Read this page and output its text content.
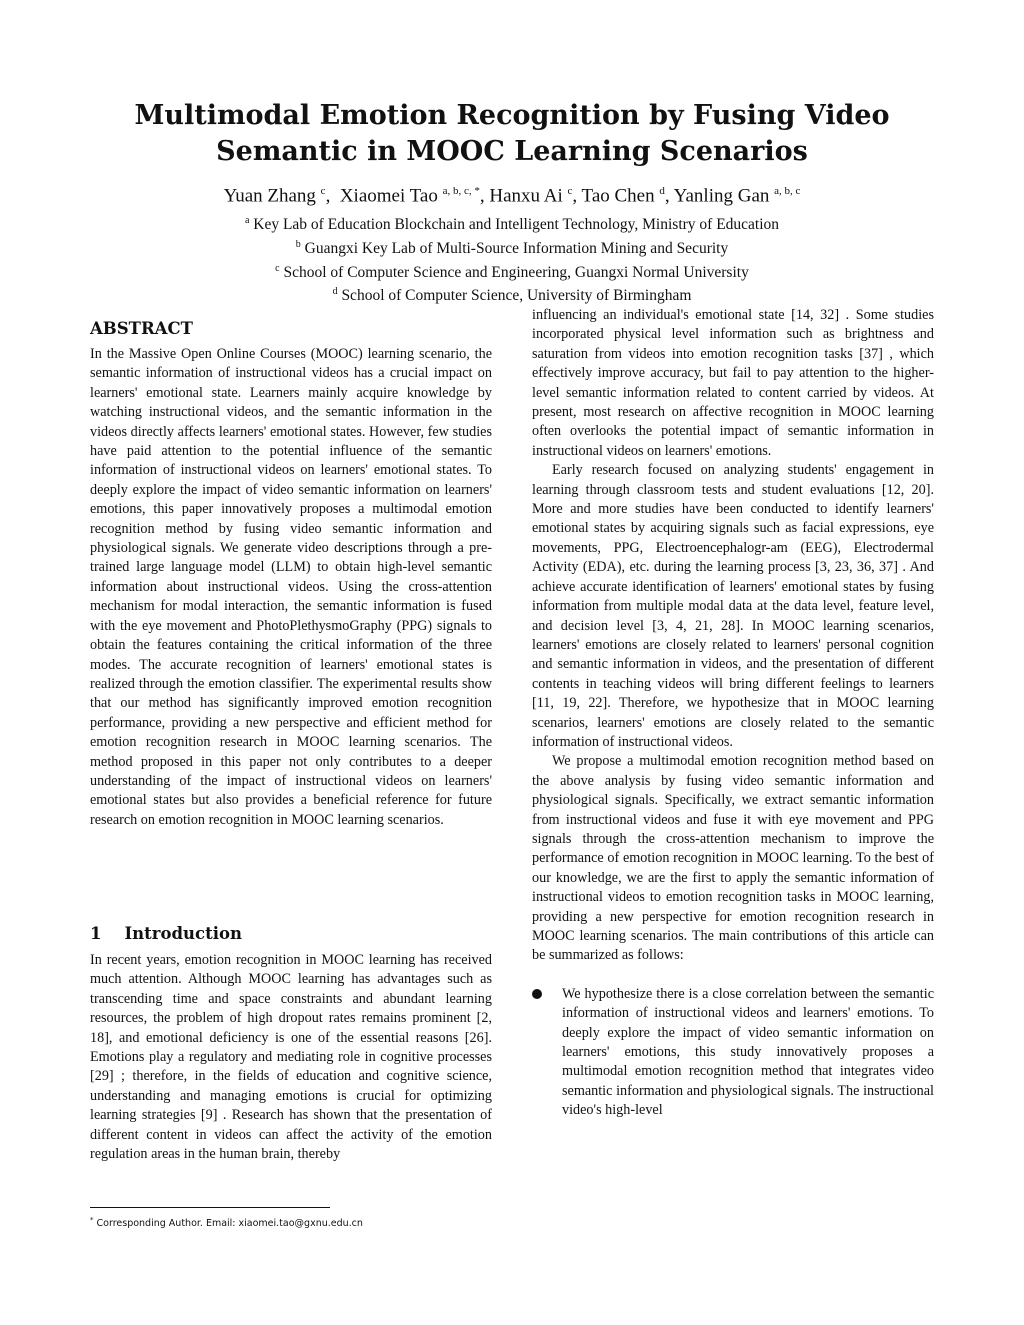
Multimodal Emotion Recognition by Fusing Video Semantic in MOOC Learning Scenarios
Yuan Zhang $^c$,  Xiaomei Tao $^{a, b, c, *}$, Hanxu Ai $^c$, Tao Chen $^d$, Yanling Gan $^{a, b, c}$
$^a$ Key Lab of Education Blockchain and Intelligent Technology, Ministry of Education
$^b$ Guangxi Key Lab of Multi-Source Information Mining and Security
$^c$ School of Computer Science and Engineering, Guangxi Normal University
$^d$ School of Computer Science, University of Birmingham
ABSTRACT

In the Massive Open Online Courses (MOOC) learning scenario, the semantic information of instructional videos has a crucial impact on learners' emotional state. Learners mainly acquire knowledge by watching instructional videos, and the semantic information in the videos directly affects learners' emotional states. However, few studies have paid attention to the potential influence of the semantic information of instructional videos on learners' emotional states. To deeply explore the impact of video semantic information on learners' emotions, this paper innovatively proposes a multimodal emotion recognition method by fusing video semantic information and physiological signals. We generate video descriptions through a pre-trained large language model (LLM) to obtain high-level semantic information about instructional videos. Using the cross-attention mechanism for modal interaction, the semantic information is fused with the eye movement and PhotoPlethysmoGraphy (PPG) signals to obtain the features containing the critical information of the three modes. The accurate recognition of learners' emotional states is realized through the emotion classifier. The experimental results show that our method has significantly improved emotion recognition performance, providing a new perspective and efficient method for emotion recognition research in MOOC learning scenarios. The method proposed in this paper not only contributes to a deeper understanding of the impact of instructional videos on learners' emotional states but also provides a beneficial reference for future research on emotion recognition in MOOC learning scenarios.

1 Introduction

In recent years, emotion recognition in MOOC learning has received much attention. Although MOOC learning has advantages such as transcending time and space constraints and abundant learning resources, the problem of high dropout rates remains prominent [2, 18], and emotional deficiency is one of the essential reasons [26]. Emotions play a regulatory and mediating role in cognitive processes [29] ; therefore, in the fields of education and cognitive science, understanding and managing emotions is crucial for optimizing learning strategies [9] . Research has shown that the presentation of different content in videos can affect the activity of the emotion regulation areas in the human brain, thereby

influencing an individual's emotional state [14, 32] . Some studies incorporated physical level information such as brightness and saturation from videos into emotion recognition tasks [37] , which effectively improve accuracy, but fail to pay attention to the higher-level semantic information related to content carried by videos. At present, most research on affective recognition in MOOC learning often overlooks the potential impact of semantic information in instructional videos on learners' emotions.

Early research focused on analyzing students' engagement in learning through classroom tests and student evaluations [12, 20]. More and more studies have been conducted to identify learners' emotional states by acquiring signals such as facial expressions, eye movements, PPG, Electroencephalogr-am (EEG), Electrodermal Activity (EDA), etc. during the learning process [3, 23, 36, 37] . And achieve accurate identification of learners' emotional states by fusing information from multiple modal data at the data level, feature level, and decision level [3, 4, 21, 28]. In MOOC learning scenarios, learners' emotions are closely related to learners' personal cognition and semantic information in videos, and the presentation of different contents in teaching videos will bring different feelings to learners [11, 19, 22]. Therefore, we hypothesize that in MOOC learning scenarios, learners' emotions are closely related to the semantic information of instructional videos.

We propose a multimodal emotion recognition method based on the above analysis by fusing video semantic information and physiological signals. Specifically, we extract semantic information from instructional videos and fuse it with eye movement and PPG signals through the cross-attention mechanism to improve the performance of emotion recognition in MOOC learning. To the best of our knowledge, we are the first to apply the semantic information of instructional videos to emotion recognition tasks in MOOC learning, providing a new perspective for emotion recognition research in MOOC learning scenarios. The main contributions of this article can be summarized as follows:

We hypothesize there is a close correlation between the semantic information of instructional videos and learners' emotions. To deeply explore the impact of video semantic information on learners' emotions, this study innovatively proposes a multimodal emotion recognition method that integrates video semantic information and physiological signals. The instructional video's high-level

* Corresponding Author. Email: xiaomei.tao@gxnu.edu.cn
